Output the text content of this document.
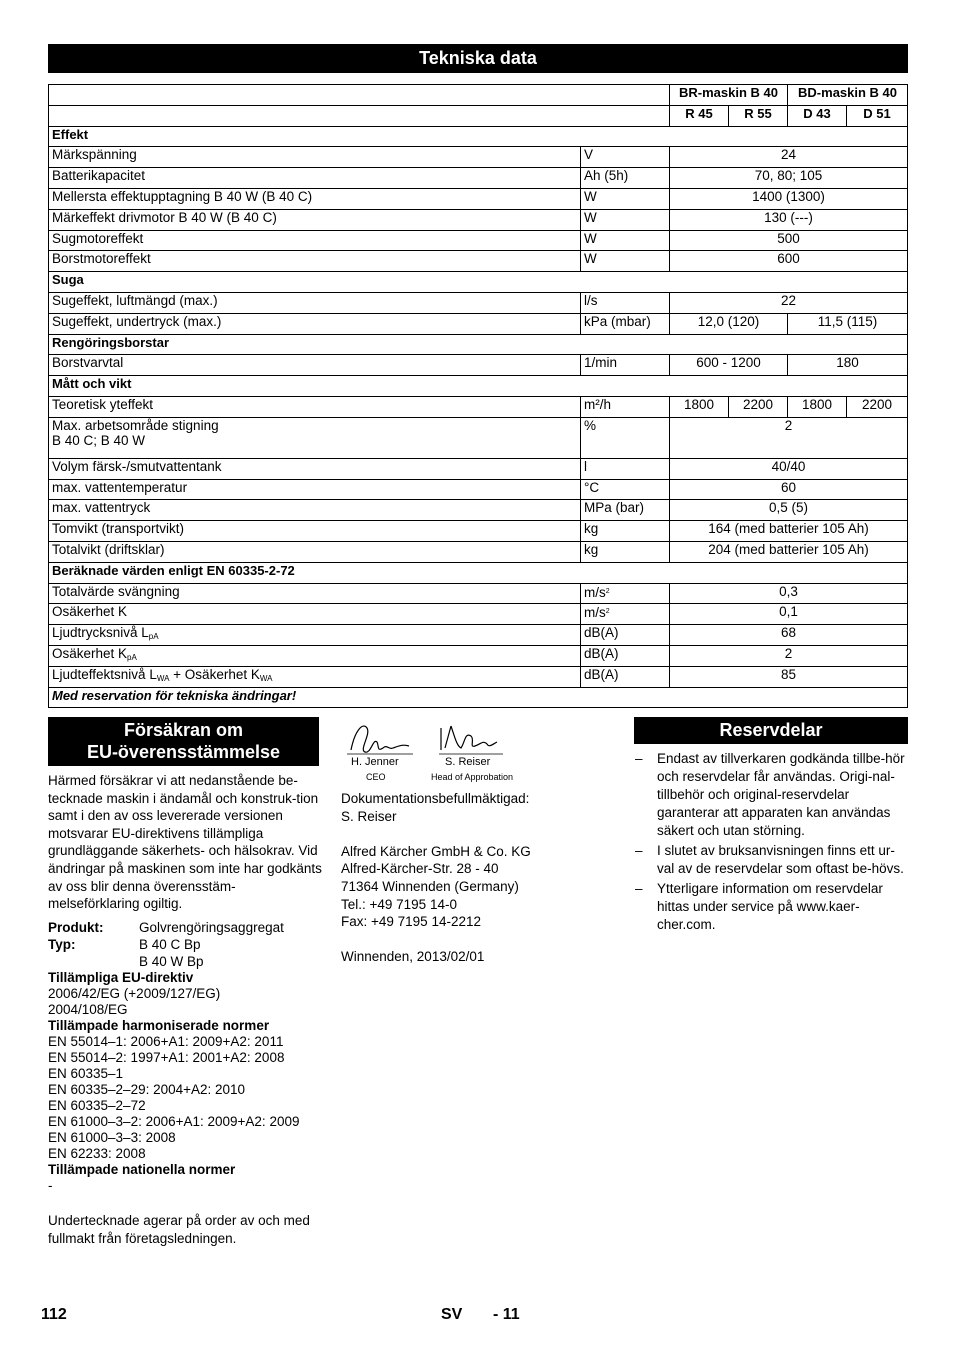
Tekniska data
		BR-maskin B 40		BD-maskin B 40	
		R 45	R 55	D 43	D 51
Effekt					
Märkspänning	V	24			
Batterikapacitet	Ah (5h)	70, 80; 105			
Mellersta effektupptagning B 40 W (B 40 C)	W	1400 (1300)			
Märkeffekt drivmotor B 40 W (B 40 C)	W	130 (---)			
Sugmotoreffekt	W	500			
Borstmotoreffekt	W	600			
Suga					
Sugeffekt, luftmängd (max.)	l/s	22			
Sugeffekt, undertryck (max.)	kPa (mbar)	12,0 (120)		11,5 (115)	
Rengöringsborstar					
Borstvarvtal	1/min	600 - 1200		180	
Mått och vikt					
Teoretisk yteffekt	m²/h	1800	2200	1800	2200
Max. arbetsområde stigning
B 40 C; B 40 W	%	2			
Volym färsk-/smutvattentank	l	40/40			
max. vattentemperatur	°C	60			
max. vattentryck	MPa (bar)	0,5 (5)			
Tomvikt (transportvikt)	kg	164 (med batterier 105 Ah)			
Totalvikt (driftsklar)	kg	204 (med batterier 105 Ah)			
Beräknade värden enligt EN 60335-2-72					
Totalvärde svängning	$m/s^2$	0,3			
Osäkerhet K	$m/s^2$	0,1			
Ljudtrycksnivå $L_{pA}$	dB(A)	68			
Osäkerhet $K_{pA}$	dB(A)	2			
Ljudteffektsnivå $L_{WA}$ + Osäkerhet $K_{WA}$	dB(A)	85			
Med reservation för tekniska ändringar!					
Försäkran om
EU-överensstämmelse

Härmed försäkrar vi att nedanstående be-tecknade maskin i ändamål och konstruk-tion samt i den av oss levererade versionen motsvarar EU-direktivens tillämpliga grundläggande säkerhets- och hälsokrav. Vid ändringar på maskinen som inte har godkänts av oss blir denna överensstäm-melseförklaring ogiltig.

Produkt:	Golvrengöringsaggregat
Typ:	B 40 C Bp
B 40 W Bp
Tillämpliga EU-direktiv
2006/42/EG (+2009/127/EG)
2004/108/EG
Tillämpade harmoniserade normer
EN 55014–1: 2006+A1: 2009+A2: 2011
EN 55014–2: 1997+A1: 2001+A2: 2008
EN 60335–1
EN 60335–2–29: 2004+A2: 2010
EN 60335–2–72
EN 61000–3–2: 2006+A1: 2009+A2: 2009
EN 61000–3–3: 2008
EN 62233: 2008
Tillämpade nationella normer
-

Undertecknade agerar på order av och med fullmakt från företagsledningen.

H. Jenner
CEO
S. Reiser
Head of Approbation
Dokumentationsbefullmäktigad:
S. Reiser
Alfred Kärcher GmbH & Co. KG
Alfred-Kärcher-Str. 28 - 40
71364 Winnenden (Germany)
Tel.: +49 7195 14-0
Fax: +49 7195 14-2212
Winnenden, 2013/02/01
Reservdelar
– Endast av tillverkaren godkända tillbe-hör och reservdelar får användas. Origi-nal-tillbehör och original-reservdelar garanterar att apparaten kan användas säkert och utan störning.
– I slutet av bruksanvisningen finns ett ur-val av de reservdelar som oftast be-hövs.
– Ytterligare information om reservdelar hittas under service på www.kaer-cher.com.
112	SV - 11
